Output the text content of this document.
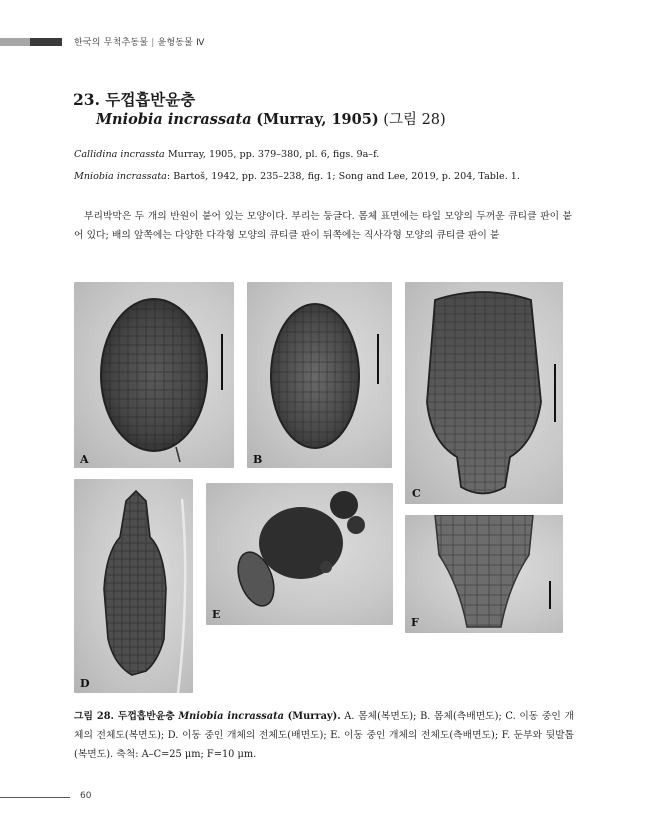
한국의 무척추동물 | 윤형동물 Ⅳ
23. 두껍흡반윤충
Mniobia incrassata (Murray, 1905) (그림 28)
Callidina incrassta Murray, 1905, pp. 379–380, pl. 6, figs. 9a–f.
Mniobia incrassata: Bartoš, 1942, pp. 235–238, fig. 1; Song and Lee, 2019, p. 204, Table. 1.
부리박막은 두 개의 반원이 붙어 있는 모양이다. 부리는 둥글다. 몸체 표면에는 타일 모양의 두꺼운 큐티클 판이 붙어 있다; 배의 앞쪽에는 다양한 다각형 모양의 큐티클 판이 뒤쪽에는 직사각형 모양의 큐티클 판이 붙
A	B
C
D
E
F
그림 28. 두껍흡반윤충 Mniobia incrassata (Murray). A. 몸체(복면도); B. 몸체(측배면도); C. 이동 중인 개체의 전체도(복면도); D. 이동 중인 개체의 전체도(배면도); E. 이동 중인 개체의 전체도(측배면도); F. 둔부와 뒷발톱(복면도). 축척: A–C=25 μm; F=10 μm.
60
